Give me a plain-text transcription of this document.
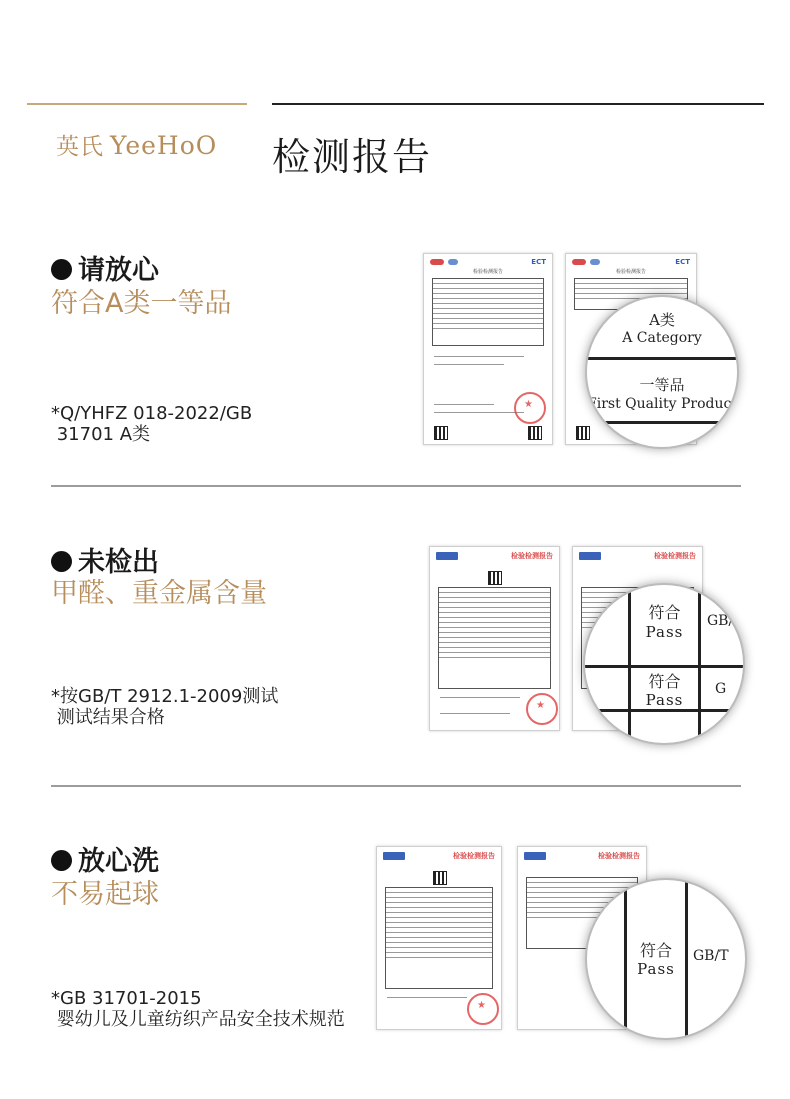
英氏 YeeHoO 检测报告
请放心
符合A类一等品
*Q/YHFZ 018-2022/GB
31701 A类
ECT
检验检测报告
★
ECT
检验检测报告
A类
A Category
一等品
First Quality Product
未检出
甲醛、重金属含量
*按GB/T 2912.1-2009测试
测试结果合格
检验检测报告
★	检验检测报告
符合
Pass
符合
Pass
GB/
G
放心洗
不易起球
*GB 31701-2015
婴幼儿及儿童纺织产品安全技术规范
检验检测报告
★	检验检测报告
符合
Pass
GB/T
